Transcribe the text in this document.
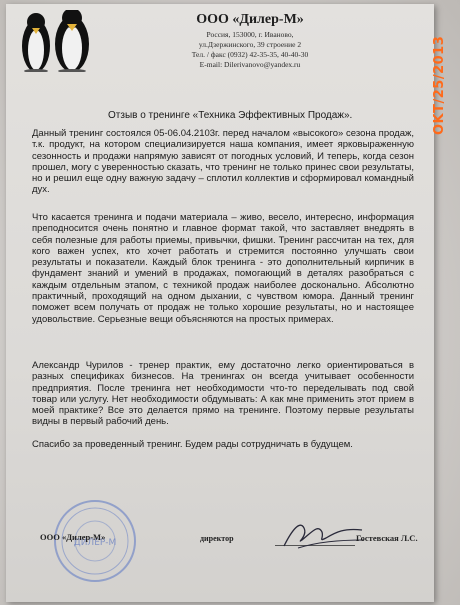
ООО «Дилер-М»
Россия, 153000, г. Иваново,
ул.Дзержинского, 39 строение 2
Тел. / факс (0932) 42-35-35, 40-40-30
E-mail: Dilerivanovo@yandex.ru	OKT/25/2013
Отзыв о тренинге «Техника Эффективных Продаж».

Данный тренинг состоялся 05-06.04.2103г. перед началом «высокого» сезона продаж, т.к. продукт, на котором специализируется наша компания, имеет ярковыраженную сезонность и продажи напрямую зависят от погодных условий, И теперь, когда сезон прошел, могу с уверенностью сказать, что тренинг не только принес свои результаты, но и решил еще одну важную задачу – сплотил коллектив и сформировал командный дух.

Что касается тренинга и подачи материала – живо, весело, интересно, информация преподносится очень понятно и главное формат такой, что заставляет внедрять в себя полезные для работы приемы, привычки, фишки. Тренинг рассчитан на тех, для кого важен успех, кто хочет работать и стремится постоянно улучшать свои результаты и показатели. Каждый блок тренинга - это дополнительный кирпичик в фундамент знаний и умений в продажах, помогающий в деталях разобраться с каждым отдельным этапом, с техникой продаж наиболее досконально. Абсолютно практичный, проходящий на одном дыхании, с чувством юмора. Данный тренинг поможет всем получать от продаж не только хорошие результаты, но и настоящее удовольствие. Серьезные вещи объясняются на простых примерах.

Александр Чурилов - тренер практик, ему достаточно легко ориентироваться в разных спецификах бизнесов. На тренингах он всегда учитывает особенности предприятия. После тренинга нет необходимости что-то переделывать под свой товар или услугу. Нет необходимости обдумывать: А как мне применить этот прием в моей практике? Все это делается прямо на тренинге. Поэтому первые результаты видны в первый рабочий день.

Спасибо за проведенный тренинг. Будем рады сотрудничать в будущем.

ДИЛЕР-М
ООО «Дилер-М»	директор	Гостевская Л.С.
